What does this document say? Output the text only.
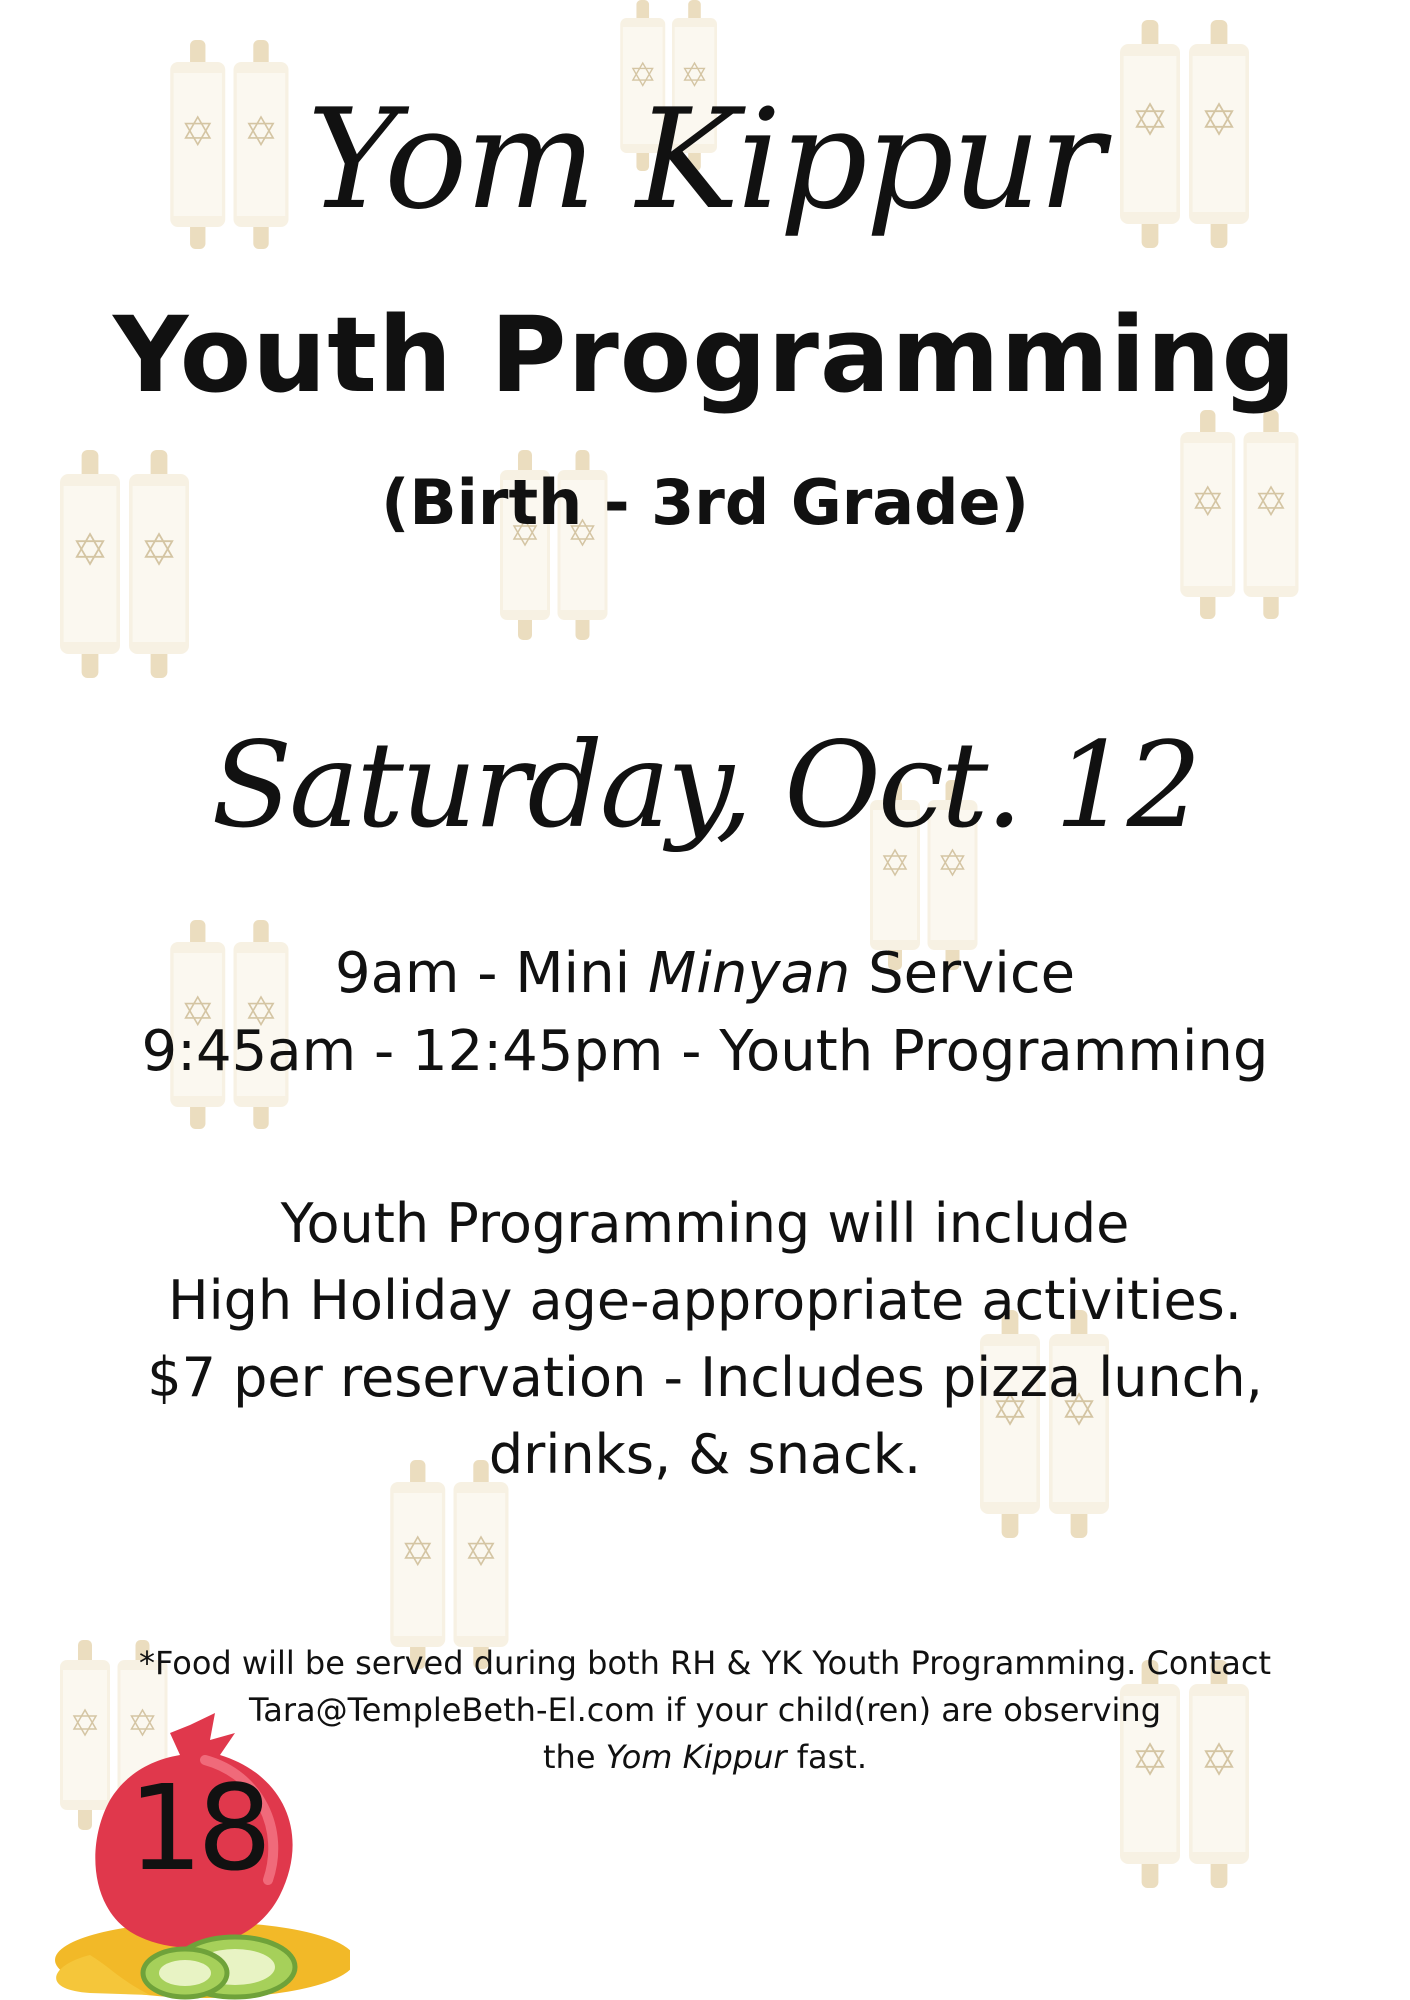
18
Yom Kippur
Youth Programming
(Birth - 3rd Grade)
Saturday, Oct. 12
9am - Mini Minyan Service
9:45am - 12:45pm - Youth Programming
Youth Programming will include
High Holiday age-appropriate activities.
$7 per reservation - Includes pizza lunch,
drinks, & snack.
*Food will be served during both RH & YK Youth Programming. Contact
Tara@TempleBeth-El.com if your child(ren) are observing
the Yom Kippur fast.
